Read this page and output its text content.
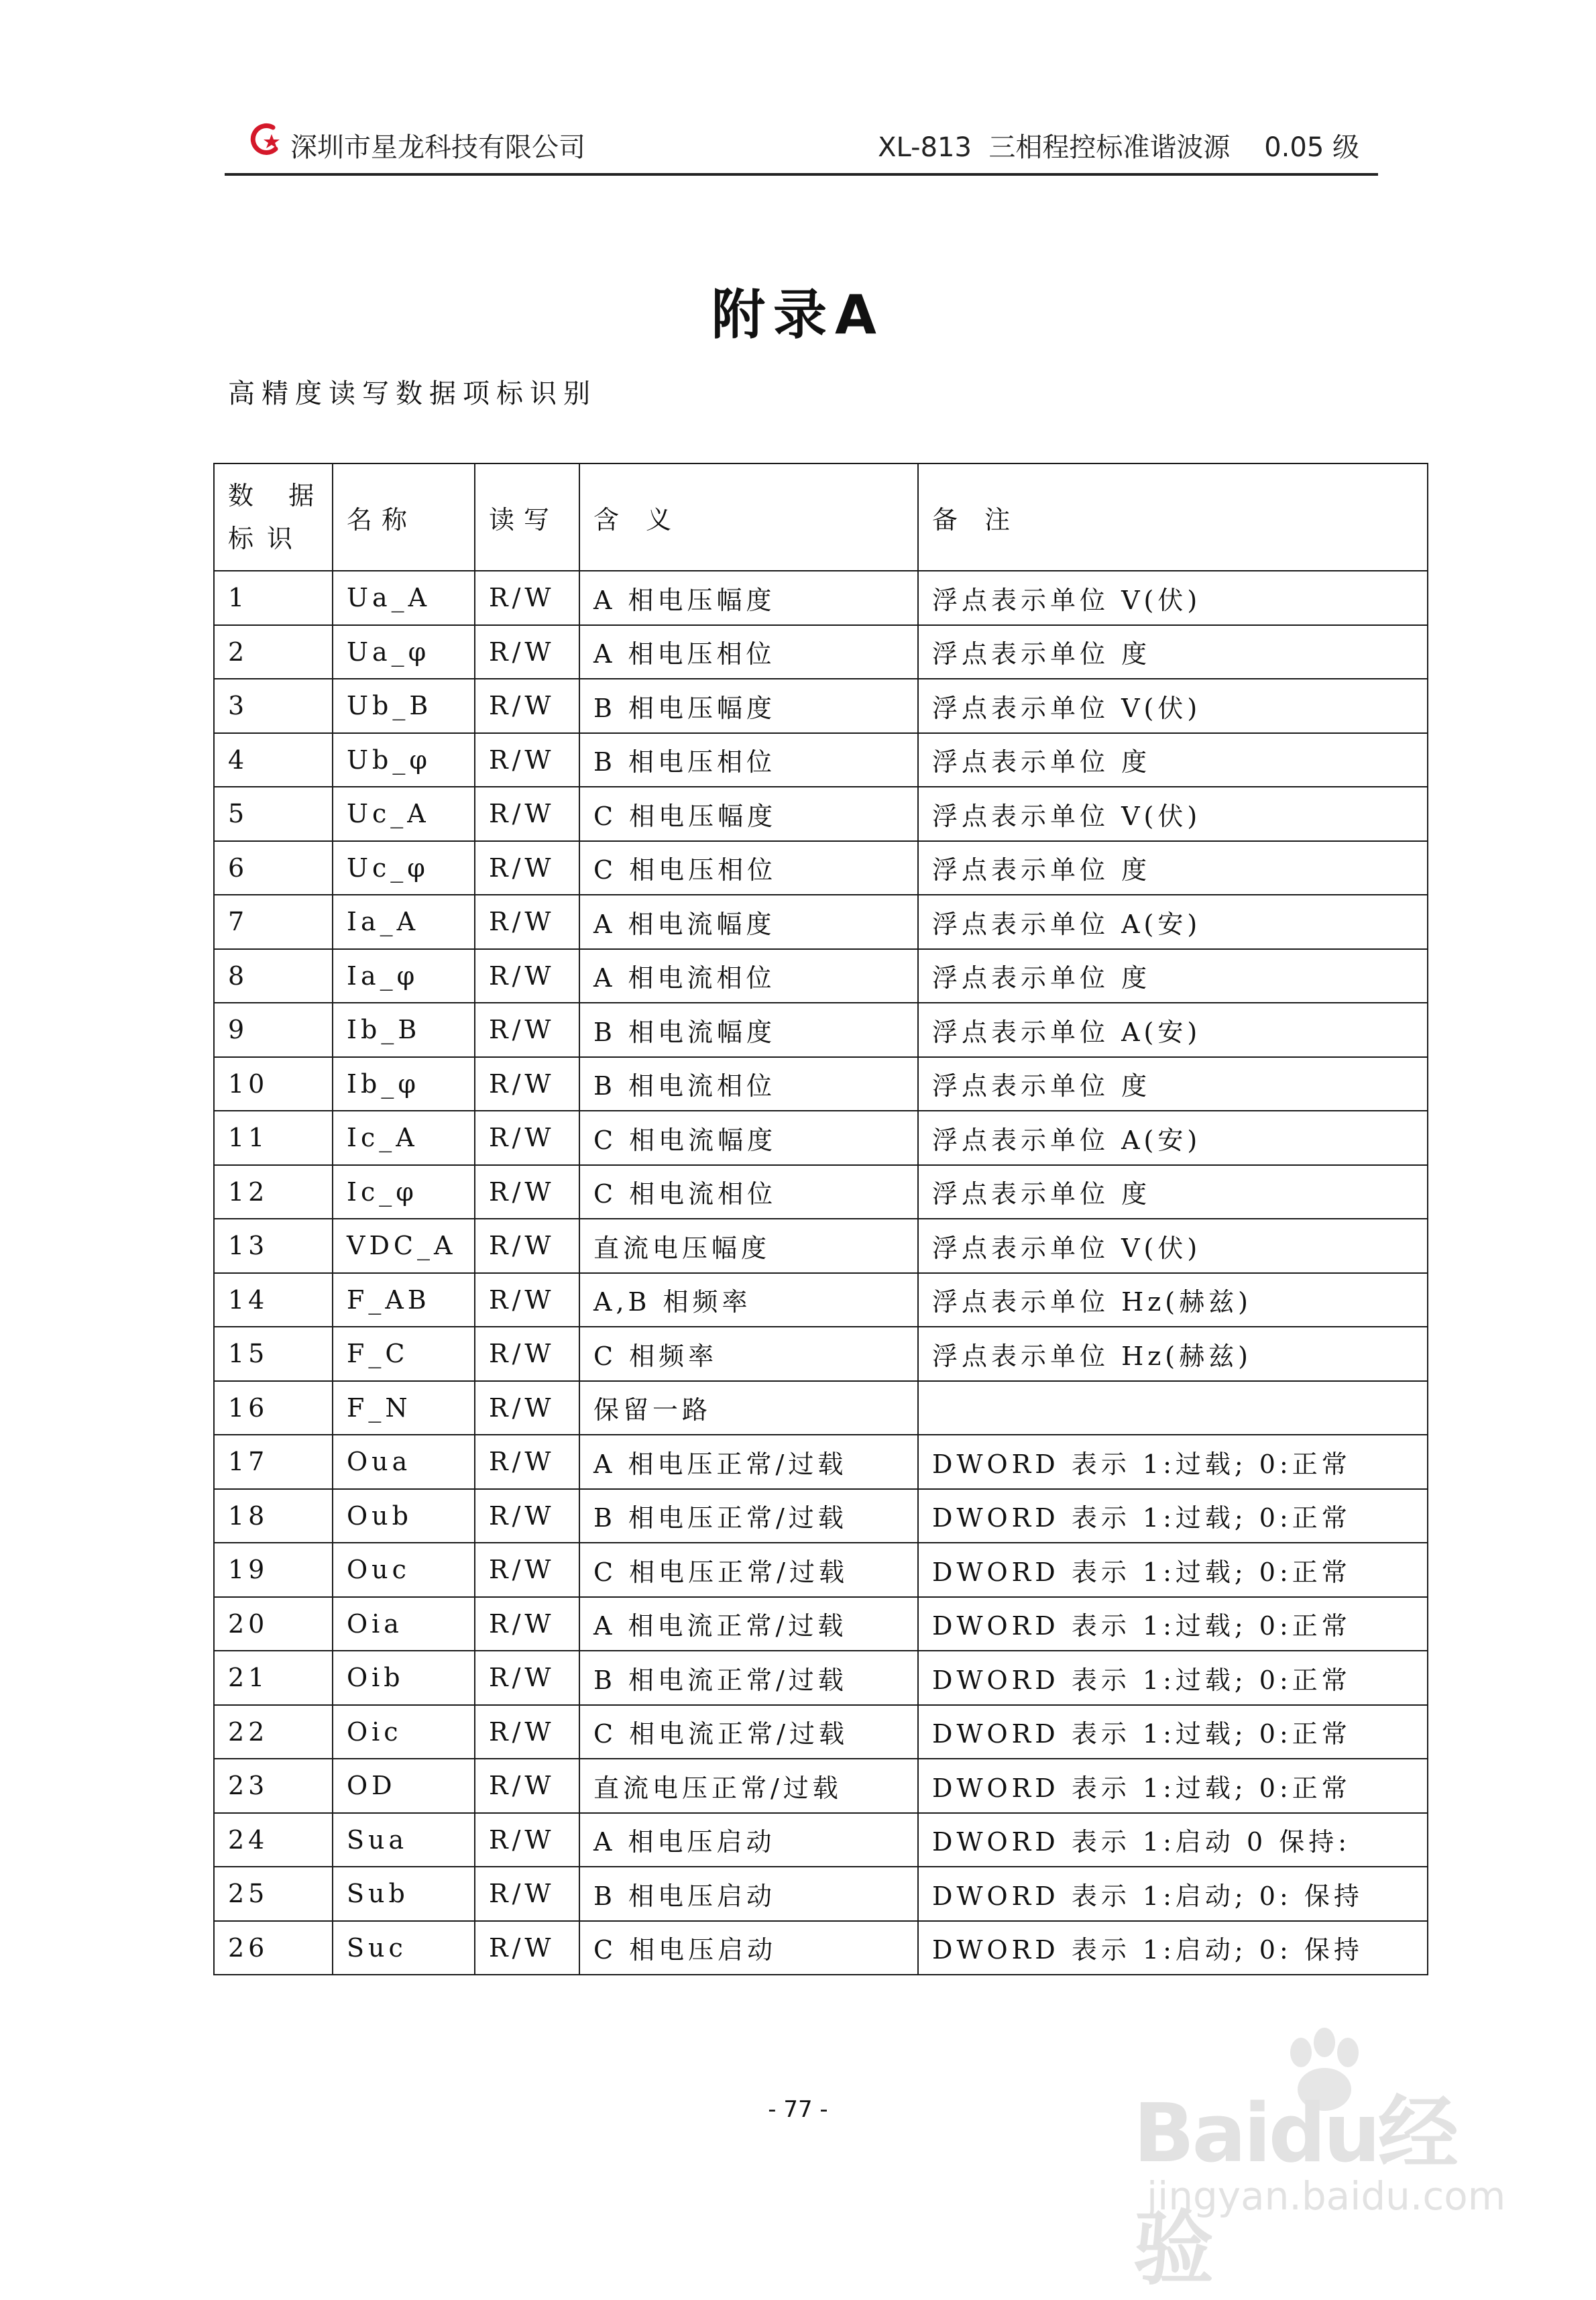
深圳市星龙科技有限公司	XL-813  三相程控标准谐波源    0.05 级
附录A
高精度读写数据项标识别
数 据 标识	名称	读写	含 义	备 注
1	Ua_A	R/W	A 相电压幅度	浮点表示单位 V(伏)
2	Ua_φ	R/W	A 相电压相位	浮点表示单位 度
3	Ub_B	R/W	B 相电压幅度	浮点表示单位 V(伏)
4	Ub_φ	R/W	B 相电压相位	浮点表示单位 度
5	Uc_A	R/W	C 相电压幅度	浮点表示单位 V(伏)
6	Uc_φ	R/W	C 相电压相位	浮点表示单位 度
7	Ia_A	R/W	A 相电流幅度	浮点表示单位 A(安)
8	Ia_φ	R/W	A 相电流相位	浮点表示单位 度
9	Ib_B	R/W	B 相电流幅度	浮点表示单位 A(安)
10	Ib_φ	R/W	B 相电流相位	浮点表示单位 度
11	Ic_A	R/W	C 相电流幅度	浮点表示单位 A(安)
12	Ic_φ	R/W	C 相电流相位	浮点表示单位 度
13	VDC_A	R/W	直流电压幅度	浮点表示单位 V(伏)
14	F_AB	R/W	A,B 相频率	浮点表示单位 Hz(赫兹)
15	F_C	R/W	C 相频率	浮点表示单位 Hz(赫兹)
16	F_N	R/W	保留一路	
17	Oua	R/W	A 相电压正常/过载	DWORD 表示 1:过载; 0:正常
18	Oub	R/W	B 相电压正常/过载	DWORD 表示 1:过载; 0:正常
19	Ouc	R/W	C 相电压正常/过载	DWORD 表示 1:过载; 0:正常
20	Oia	R/W	A 相电流正常/过载	DWORD 表示 1:过载; 0:正常
21	Oib	R/W	B 相电流正常/过载	DWORD 表示 1:过载; 0:正常
22	Oic	R/W	C 相电流正常/过载	DWORD 表示 1:过载; 0:正常
23	OD	R/W	直流电压正常/过载	DWORD 表示 1:过载; 0:正常
24	Sua	R/W	A 相电压启动	DWORD 表示 1:启动 0 保持:
25	Sub	R/W	B 相电压启动	DWORD 表示 1:启动; 0: 保持
26	Suc	R/W	C 相电压启动	DWORD 表示 1:启动; 0: 保持
- 77 -	Baidu经验
jingyan.baidu.com
